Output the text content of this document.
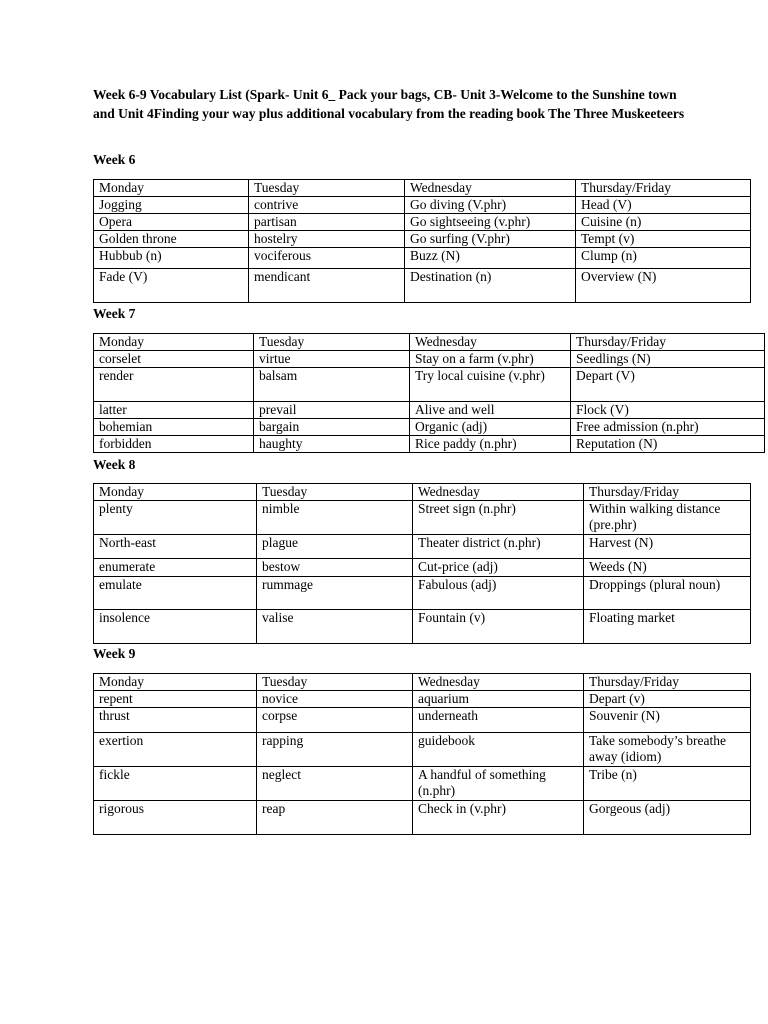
Week 6-9 Vocabulary List (Spark- Unit 6_ Pack your bags, CB- Unit 3-Welcome to the Sunshine town and Unit 4Finding your way plus additional vocabulary from the reading book The Three Muskeeteers
Week 6
Monday	Tuesday	Wednesday	Thursday/Friday
Jogging	contrive	Go diving (V.phr)	Head (V)
Opera	partisan	Go sightseeing (v.phr)	Cuisine (n)
Golden throne	hostelry	Go surfing (V.phr)	Tempt (v)
Hubbub (n)	vociferous	Buzz (N)	Clump (n)
Fade (V)	mendicant	Destination (n)	Overview (N)
Week 7
Monday	Tuesday	Wednesday	Thursday/Friday
corselet	virtue	Stay on a farm (v.phr)	Seedlings (N)
render	balsam	Try local cuisine (v.phr)	Depart (V)
latter	prevail	Alive and well	Flock (V)
bohemian	bargain	Organic (adj)	Free admission (n.phr)
forbidden	haughty	Rice paddy (n.phr)	Reputation (N)
Week 8
Monday	Tuesday	Wednesday	Thursday/Friday
plenty	nimble	Street sign (n.phr)	Within walking distance (pre.phr)
North-east	plague	Theater district (n.phr)	Harvest (N)
enumerate	bestow	Cut-price (adj)	Weeds (N)
emulate	rummage	Fabulous (adj)	Droppings (plural noun)
insolence	valise	Fountain (v)	Floating market
Week 9
Monday	Tuesday	Wednesday	Thursday/Friday
repent	novice	aquarium	Depart (v)
thrust	corpse	underneath	Souvenir (N)
exertion	rapping	guidebook	Take somebody’s breathe away (idiom)
fickle	neglect	A handful of something (n.phr)	Tribe (n)
rigorous	reap	Check in (v.phr)	Gorgeous (adj)
